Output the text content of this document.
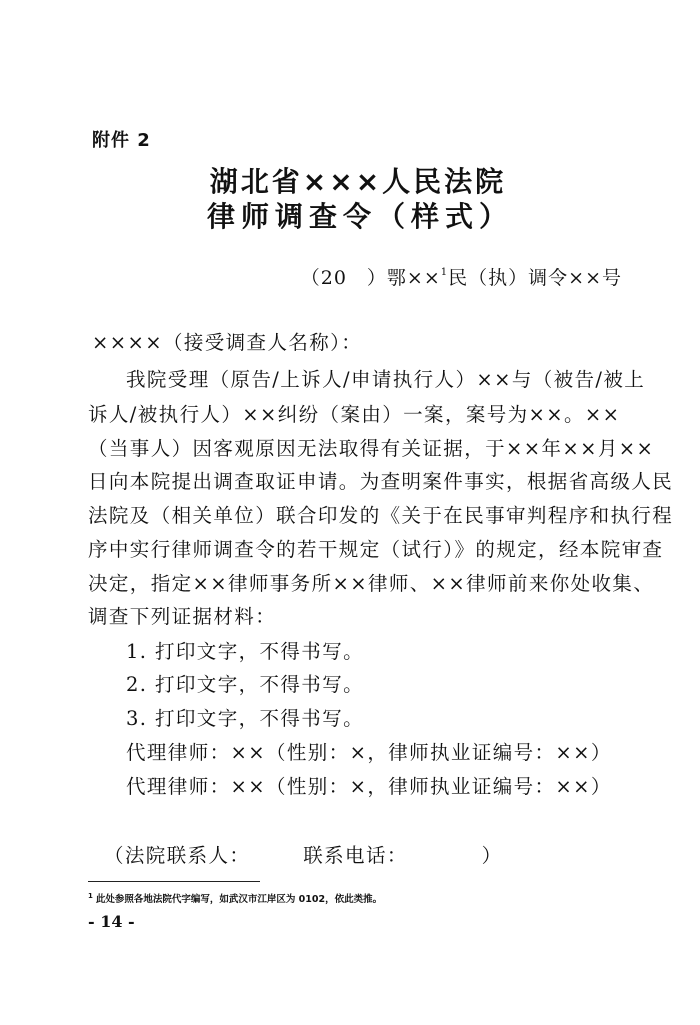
附件 2
湖北省×××人民法院
律师调查令（样式）
（20　）鄂××$^1$民（执）调令××号
××××（接受调查人名称）：
我院受理（原告/上诉人/申请执行人）××与（被告/被上
诉人/被执行人）××纠纷（案由）一案，案号为××。××
（当事人）因客观原因无法取得有关证据，于××年××月××
日向本院提出调查取证申请。为查明案件事实，根据省高级人民
法院及（相关单位）联合印发的《关于在民事审判程序和执行程
序中实行律师调查令的若干规定（试行）》的规定，经本院审查
决定，指定××律师事务所××律师、××律师前来你处收集、
调查下列证据材料：
1. 打印文字，不得书写。
2. 打印文字，不得书写。
3. 打印文字，不得书写。
代理律师：××（性别：×，律师执业证编号：××）
代理律师：××（性别：×，律师执业证编号：××）
（法院联系人：　　　联系电话：　　　　）
$^1$ 此处参照各地法院代字编写，如武汉市江岸区为 0102，依此类推。
- 14 -
